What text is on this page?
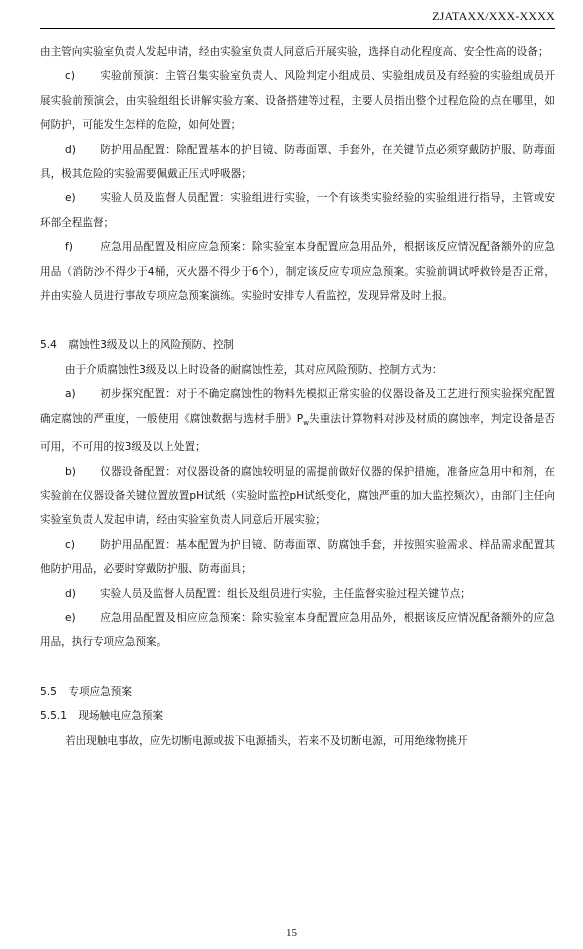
ZJATAXX/XXX-XXXX

由主管向实验室负责人发起申请，经由实验室负责人同意后开展实验，选择自动化程度高、安全性高的设备；

c) 实验前预演：主管召集实验室负责人、风险判定小组成员、实验组成员及有经验的实验组成员开展实验前预演会，由实验组组长讲解实验方案、设备搭建等过程，主要人员指出整个过程危险的点在哪里，如何防护，可能发生怎样的危险，如何处置；

d) 防护用品配置：除配置基本的护目镜、防毒面罩、手套外，在关键节点必须穿戴防护服、防毒面具，极其危险的实验需要佩戴正压式呼吸器；

e) 实验人员及监督人员配置：实验组进行实验，一个有该类实验经验的实验组进行指导，主管或安环部全程监督；

f)	应急用品配置及相应应急预案：除实验室本身配置应急用品外，根据该反应情况配备额外的应急用品（消防沙不得少于4桶，灭火器不得少于6个），制定该反应专项应急预案。实验前调试呼救铃是否正常，并由实验人员进行事故专项应急预案演练。实验时安排专人看监控，发现异常及时上报。

5.4 腐蚀性3级及以上的风险预防、控制

由于介质腐蚀性3级及以上时设备的耐腐蚀性差，其对应风险预防、控制方式为：

a) 初步探究配置：对于不确定腐蚀性的物料先模拟正常实验的仪器设备及工艺进行预实验探究配置确定腐蚀的严重度，一般使用《腐蚀数据与选材手册》$P_w$失重法计算物料对涉及材质的腐蚀率，判定设备是否可用，不可用的按3级及以上处置；

b) 仪器设备配置：对仪器设备的腐蚀较明显的需提前做好仪器的保护措施，准备应急用中和剂，在实验前在仪器设备关键位置放置pH试纸（实验时监控pH试纸变化，腐蚀严重的加大监控频次），由部门主任向实验室负责人发起申请，经由实验室负责人同意后开展实验；

c) 防护用品配置：基本配置为护目镜、防毒面罩、防腐蚀手套，并按照实验需求、样品需求配置其他防护用品，必要时穿戴防护服、防毒面具；

d) 实验人员及监督人员配置：组长及组员进行实验，主任监督实验过程关键节点；

e) 应急用品配置及相应应急预案：除实验室本身配置应急用品外，根据该反应情况配备额外的应急用品，执行专项应急预案。

5.5 专项应急预案

5.5.1 现场触电应急预案

若出现触电事故，应先切断电源或拔下电源插头，若来不及切断电源，可用绝缘物挑开

15
